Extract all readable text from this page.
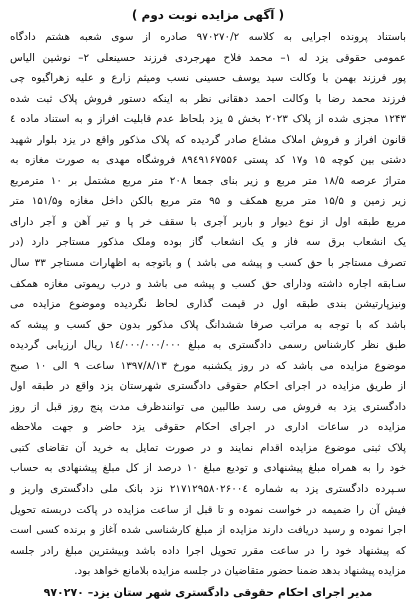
( آگهی مزایده نوبت دوم )
باستناد پرونده اجرایی به کلاسه ۹۷۰۲۷۰/۲ صادره از سوی شعبه هشتم دادگاه
عمومی حقوقی یزد له ۱– محمد فلاح مهرجردی فرزند حسینعلی ۲– نوشین الیاس
پور فرزند بهمن با وکالت سید یوسف حسینی نسب ومیثم زارع و علیه زهراگیوه چی
فرزند محمد رضا با وکالت احمد دهقانی نظر به اینکه دستور فروش پلاک ثبت شده
۱۲۴۳ مجزی شده از پلاک ۲۰۲۳ بخش ۵ یزد بلحاظ عدم قابلیت افراز و به استناد ماده ٤
قانون افراز و فروش املاک مشاع صادر گردیده که پلاک مذکور واقع در یزد بلوار شهید
دشتی بین کوچه ۱۵ و۱۷ کد پستی ۸۹٤۹۱۶۷۵۵۶ فروشگاه مهدی به صورت مغازه به
متراژ عرصه ۱۸/۵ متر مربع و زیر بنای جمعا ۲۰۸ متر مربع مشتمل بر ۱۰ مترمربع
زیر زمین و ۱۵/۵ متر مربع همکف و ۹۵ متر مربع بالکن داخل مغازه و۱۵۱/۵ متر
مربع طبقه اول از نوع دیوار و باربر آجری با سقف خر پا و تیر آهن و آجر دارای
یک انشعاب برق سه فاز و یک انشعاب گاز بوده وملک مذکور مستاجر دارد (در
تصرف مستاجر با حق کسب و پیشه می باشد ) و باتوجه به اظهارات مستاجر ۳۳ سال
سـابقه اجاره داشته ودارای حق کسب و پیشه می باشد و درب ریموتی مغازه همکف
ونیزپارتیشن بندی طبقه اول در قیمت گذاری لحاظ نگردیده وموضوع مزایده می
باشد که با توجه به مراتب صرفا ششدانگ پلاک مذکور بدون حق کسب و پیشه که
طبق نظر کارشناس رسمی دادگستری به مبلغ ۱٤/۰۰۰/۰۰۰/۰۰۰ ریال ارزیابی گردیده
موضوع مزایده می باشد که در روز یکشنبه مورخ ۱۳۹۷/۸/۱۳ ساعت ۹ الی ۱۰ صبح
از طریق مزایده در اجرای احکام حقوقی دادگستری شهرستان یزد واقع در طبقه اول
دادگستری یزد به فروش می رسد طالبین می توانندظرف مدت پنج روز قبل از روز
مزایده در ساعات اداری در اجرای احکام حقوقی یزد حاضر و جهت ملاحظه
پلاک ثبتی موضوع مزایده اقدام نمایند و در صورت تمایل به خرید آن تقاضای کتبی
خود را به همراه مبلغ پیشنهادی و تودیع مبلغ ۱۰ درصد از کل مبلغ پیشنهادی به حساب
سـپرده دادگستری یزد به شماره ۲۱۷۱۲۹۵۸۰۲۶۰۰٤ نزد بانک ملی دادگستری واریز و
فیش آن را ضمیمه در خواست نموده و تا قبل از ساعت مزایده در پاکت دربسته تحویل
اجرا نموده و رسید دریافت دارند مزایده از مبلغ کارشناسی شده آغاز و برنده کسی است
که پیشنهاد خود را در ساعت مقرر تحویل اجرا داده باشد وبیشترین مبلغ رادر جلسه
مزایده پیشنهاد بدهد ضمنا حضور متقاضیان در جلسه مزایده بلامانع خواهد بود.
مدیر اجرای احکام حقوقی دادگستری شهر ستان یزد– ۹۷۰۲۷۰
